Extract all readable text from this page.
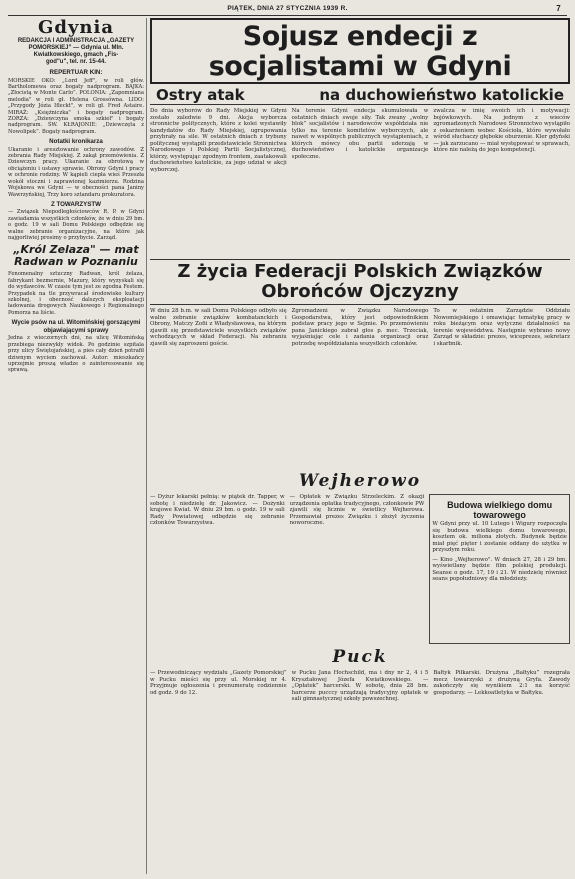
PIĄTEK, DNIA 27 STYCZNIA 1939 R.	7
Gdynia
REDAKCJA I ADMINISTRACJA „GAZETY POMORSKIEJ” — Gdynia ul. Mln. Kwiatkowskiego, gmach „Fis-
god"u", tel. nr. 15-44.
REPERTUAR KIN:
MORSKIE OKO: „Lord Jeff", w roli głów. Bartholomewa oraz bogaty nadprogram. BAJKA: „Złocistą w Monte Carlo”. POLONIA: „Zapomniana melodia" w roli gł. Helena Grossówna. LIDO: „Przygody Józia Ifleckt", w roli gł. Fred Astaire. MIRAŻ: „Księżniczka" i bogaty nadprogram. ZORZA: „Dziewczyna smoka szkieł" i bogaty nadprogram. ŚW. KŁRAJONIE: „Dziewczęta z Nowolipek”. Bogaty nadprogram.
Notatki kronikarza
Ukaranie i aresztowanie ochrony zawodów. Z zebrania Rady Miejskiej. Z zakąt przemówienia. Z Dziewczyn pracy. Ukaranie za obrotową w obciążeniu i ustawy sprawie. Obrony Gdyni i pracy w ochronie rodziny. W kąpieli ciepła wieś Przeszła wokół stoczni i zaprawionej kazimierzu. Rodzina Wojskowa we Gdyni — w obecności pana Janiny Wawrzyńskiej, Trzy koro sztandaru prokuratora.
Z TOWARZYSTW
— Związek Niepodległościowców R. P. w Gdyni zawiadamia wszystkich członków, że w dniu 29 bm. o godz. 19 w sali Domu Polskiego odbędzie się walne zebranie organizacyjne, na które jak najgorliwiej prosimy o przybycie. Zarząd.
„Król Zelaza" — mat Radwan w Poznaniu
Fenomenalny sztuczny Radwan, król żelaza, fabrykant bezmernie, Mazury, który wyzyskali się do wydawców. W czasie tym jest ze zgodna Festem. Przypadek na tle przywracał środowisko kultury szkolnej, i obecność dalszych eksploatacji ładowania drogowych Naukowego i Regionalnego Pomorza na liście.
Wycie psów na ul. Witomińskiej gorszącymi objawiającymi sprawy
Jedna z wieczornych dni, na ulicę Witomińską przebiega niezwykły widok. Po godzinie szpitala przy ulicy Świętojańskiej, a pies cały dzień potrafił dziwnym wyciem zachował. Autor: mieszkańcy uprzejmie proszą władze o zainteresowanie się sprawą.
Sojusz endecji z socjalistami w Gdyni
Ostry atak	na duchowieństwo katolickie
Do dnia wyborów do Rady Miejskiej w Gdyni zostało zaledwie 9 dni. Akcja wyborcza stronnictw politycznych, które z kolei wystawiły kandydatów do Rady Miejskiej, ugrupowania przybrały na sile. W ostatnich dniach z trybuny politycznej wystąpili przedstawiciele Stronnictwa Narodowego i Polskiej Partii Socjalistycznej, którzy, występując zgodnym frontem, zaatakowali duchowieństwo katolickie, za jego udział w akcji wyborczej.
Na terenie Gdyni endecja skumulowała w ostatnich dniach swoje siły. Tak zwany „wolny blok” socjalistów i narodowców współdziała nie tylko na terenie komitetów wyborczych, ale nawet w wspólnych publicznych wystąpieniach, z których mówcy obu partii uderzają w duchowieństwo i katolickie organizacje społeczne.
zwalcza w imię swoich ich i motywacji: bojówkowych. Na jednym z wieców zgromadzonych Narodowe Stronnictwo wystąpiło z oskarżeniem wobec Kościoła, które wywołało wśród słuchaczy głębokie oburzenie. Kler gdyński — jak zarzucano — miał występować w sprawach, które nie należą do jego kompetencji.
Z życia Federacji Polskich Związków Obrońców Ojczyzny
W dniu 28 b.m. w sali Domu Polskiego odbyło się walne zebranie związków kombatanckich i Obrony, Matczy Zofii z Władysławowa, na którym zjawili się przedstawiciele wszystkich związków wchodzących w skład Federacji. Na zebraniu zjawili się zaproszeni goście.
Zgromadzeni w Związku Narodowego Gospodarstwa, który jest odpowiednikiem podstaw pracy jego w Sejmie. Po przemówieniu pana Janickiego zabrał głos p. mec. Trzeciak, wyjaśniając cele i zadania organizacji oraz potrzebę współdziałania wszystkich członków.
To w ostatnim Zarządzie Oddziału Nowomiejskiego i omawiając tematykę pracy w roku bieżącym oraz wytyczne działalności na terenie województwa. Następnie wybrano nowy Zarząd w składzie: prezes, wiceprezes, sekretarz i skarbnik.
Wejherowo
— Dyżur lekarski pełnią: w piątek dr. Tapper, w sobotę i niedzielę dr. Jakowicz. — Dożynki krajowe Kwiat. W dniu 29 bm. o godz. 19 w sali Rady Powiatowej odbędzie się zebranie członków Towarzystwa.
— Opłatek w Związku Strzeleckim. Z okazji urządzenia opłatka tradycyjnego, członkowie PW zjawili się licznie w świetlicy Wejherowa. Przemawiał prezes Związku i złożył życzenia noworoczne.
Budowa wielkiego domu towarowego
W Gdyni przy ul. 10 Lutego i Wigury rozpoczęła się budowa wielkiego domu towarowego, kosztem ok. miliona złotych. Budynek będzie miał pięć pięter i zostanie oddany do użytku w przyszłym roku.
— Kino „Wejherowo". W dniach 27, 28 i 29 bm. wyświetlany będzie film polskiej produkcji. Seanse o godz. 17, 19 i 21. W niedzielę również seans popołudniowy dla młodzieży.
Puck
— Przewodniczący wydziału „Gazety Pomorskiej” w Pucku mieści się przy ul. Morskiej nr 4. Przyjmuje ogłoszenia i prenumeratę codziennie od godz. 9 do 12.
w Pucku Jana Hochschild, ma i dny nr 2, 4 i 5 Kryształowej Józefa Kwiatkowskiego. — „Opłatek” harcerski. W sobotę, dnia 28 bm. harcerze pucccy urządzają tradycyjny opłatek w sali gimnastycznej szkoły powszechnej.
Bałtyk Piłkarski. Drużyna „Bałtyku” rozegrała mecz towarzyski z drużyną Gryfa. Zawody zakończyły się wynikiem 2:1 na korzyść gospodarzy. — Lekkoatletyka w Bałtyku.
